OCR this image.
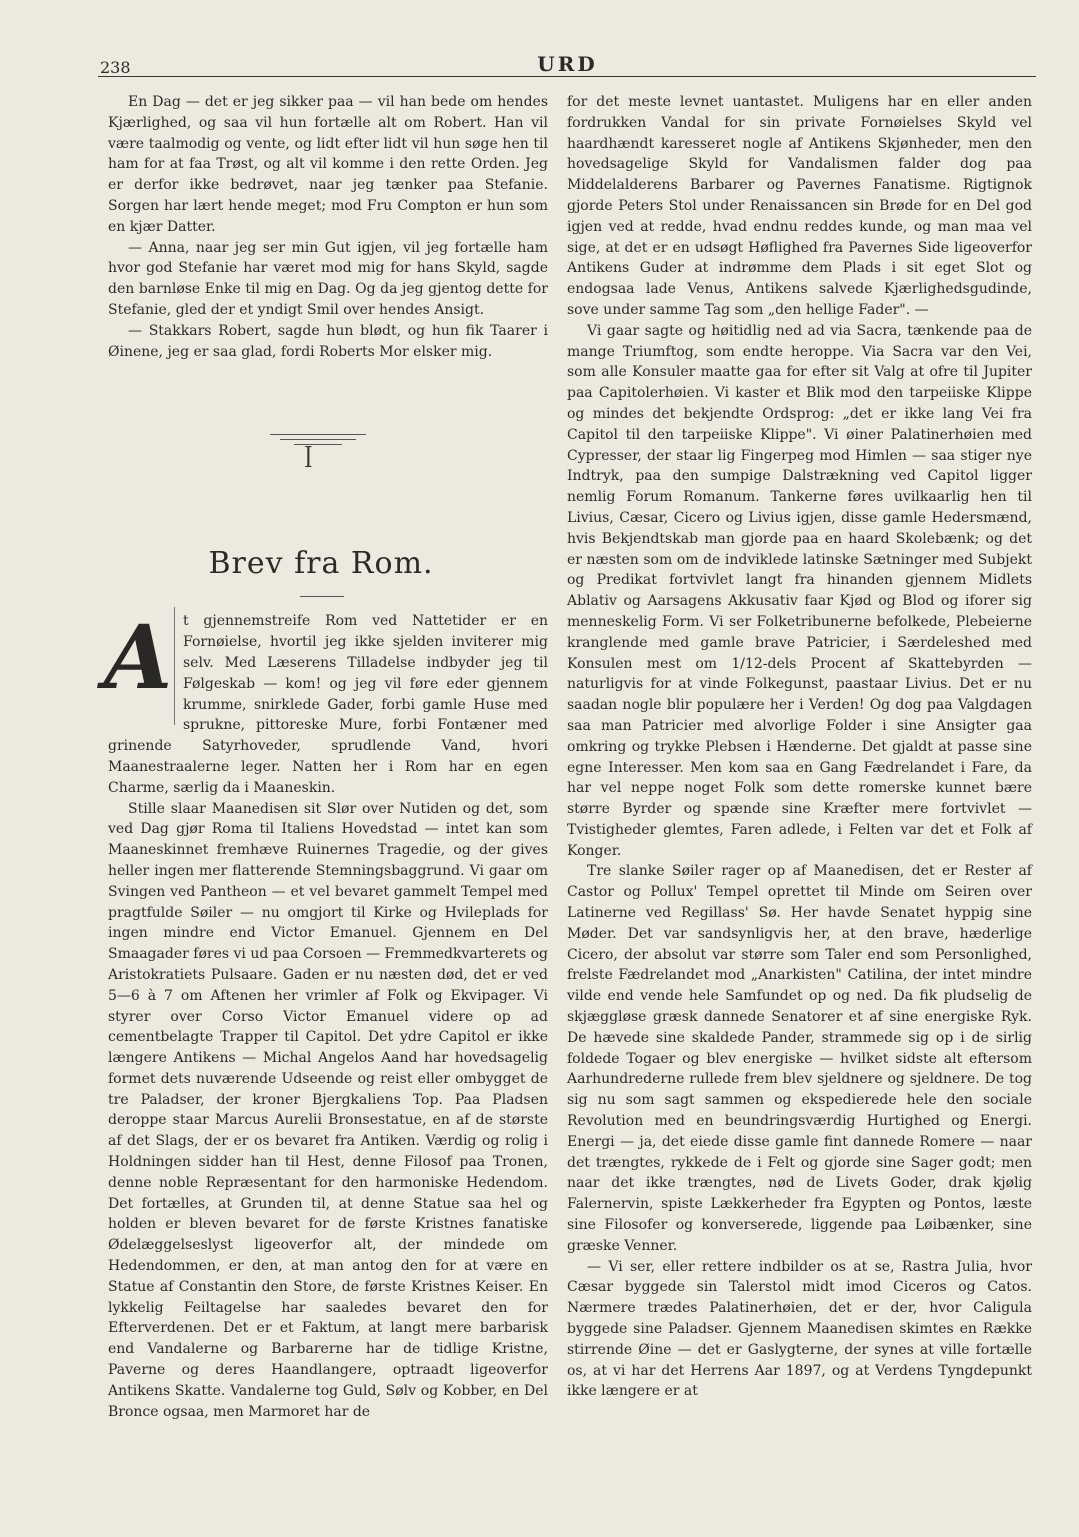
238	URD

En Dag — det er jeg sikker paa — vil han bede om hendes Kjærlighed, og saa vil hun fortælle alt om Robert. Han vil være taalmodig og vente, og lidt efter lidt vil hun søge hen til ham for at faa Trøst, og alt vil komme i den rette Orden. Jeg er derfor ikke bedrøvet, naar jeg tænker paa Stefanie. Sorgen har lært hende meget; mod Fru Compton er hun som en kjær Datter.

— Anna, naar jeg ser min Gut igjen, vil jeg fortælle ham hvor god Stefanie har været mod mig for hans Skyld, sagde den barnløse Enke til mig en Dag. Og da jeg gjentog dette for Stefanie, gled der et yndigt Smil over hendes Ansigt.

— Stakkars Robert, sagde hun blødt, og hun fik Taarer i Øinene, jeg er saa glad, fordi Roberts Mor elsker mig.

ꟾ
Brev fra Rom.
A t gjennemstreife Rom ved Nattetider er en Fornøielse, hvortil jeg ikke sjelden inviterer mig selv. Med Læserens Tilladelse indbyder jeg til Følgeskab — kom! og jeg vil føre eder gjennem krumme, snirklede Gader, forbi gamle Huse med sprukne, pittoreske Mure, forbi Fontæner med grinende Satyrhoveder, sprudlende Vand, hvori Maanestraalerne leger. Natten her i Rom har en egen Charme, særlig da i Maaneskin.

Stille slaar Maanedisen sit Slør over Nutiden og det, som ved Dag gjør Roma til Italiens Hovedstad — intet kan som Maaneskinnet fremhæve Ruinernes Tragedie, og der gives heller ingen mer flatterende Stemningsbaggrund. Vi gaar om Svingen ved Pantheon — et vel bevaret gammelt Tempel med pragtfulde Søiler — nu omgjort til Kirke og Hvileplads for ingen mindre end Victor Emanuel. Gjennem en Del Smaagader føres vi ud paa Corsoen — Fremmedkvarterets og Aristokratiets Pulsaare. Gaden er nu næsten død, det er ved 5—6 à 7 om Aftenen her vrimler af Folk og Ekvipager. Vi styrer over Corso Victor Emanuel videre op ad cementbelagte Trapper til Capitol. Det ydre Capitol er ikke længere Antikens — Michal Angelos Aand har hovedsagelig formet dets nuværende Udseende og reist eller ombygget de tre Paladser, der kroner Bjergkaliens Top. Paa Pladsen deroppe staar Marcus Aurelii Bronsestatue, en af de største af det Slags, der er os bevaret fra Antiken. Værdig og rolig i Holdningen sidder han til Hest, denne Filosof paa Tronen, denne noble Repræsentant for den harmoniske Hedendom. Det fortælles, at Grunden til, at denne Statue saa hel og holden er bleven bevaret for de første Kristnes fanatiske Ødelæggelseslyst ligeoverfor alt, der mindede om Hedendommen, er den, at man antog den for at være en Statue af Constantin den Store, de første Kristnes Keiser. En lykkelig Feiltagelse har saaledes bevaret den for Efterverdenen. Det er et Faktum, at langt mere barbarisk end Vandalerne og Barbarerne har de tidlige Kristne, Paverne og deres Haandlangere, optraadt ligeoverfor Antikens Skatte. Vandalerne tog Guld, Sølv og Kobber, en Del Bronce ogsaa, men Marmoret har de

for det meste levnet uantastet. Muligens har en eller anden fordrukken Vandal for sin private Fornøielses Skyld vel haardhændt karesseret nogle af Antikens Skjønheder, men den hovedsagelige Skyld for Vandalismen falder dog paa Middelalderens Barbarer og Pavernes Fanatisme. Rigtignok gjorde Peters Stol under Renaissancen sin Brøde for en Del god igjen ved at redde, hvad endnu reddes kunde, og man maa vel sige, at det er en udsøgt Høflighed fra Pavernes Side ligeoverfor Antikens Guder at indrømme dem Plads i sit eget Slot og endogsaa lade Venus, Antikens salvede Kjærlighedsgudinde, sove under samme Tag som „den hellige Fader". —

Vi gaar sagte og høitidlig ned ad via Sacra, tænkende paa de mange Triumftog, som endte heroppe. Via Sacra var den Vei, som alle Konsuler maatte gaa for efter sit Valg at ofre til Jupiter paa Capitolerhøien. Vi kaster et Blik mod den tarpeiiske Klippe og mindes det bekjendte Ordsprog: „det er ikke lang Vei fra Capitol til den tarpeiiske Klippe". Vi øiner Palatinerhøien med Cypresser, der staar lig Fingerpeg mod Himlen — saa stiger nye Indtryk, paa den sumpige Dalstrækning ved Capitol ligger nemlig Forum Romanum. Tankerne føres uvilkaarlig hen til Livius, Cæsar, Cicero og Livius igjen, disse gamle Hedersmænd, hvis Bekjendtskab man gjorde paa en haard Skolebænk; og det er næsten som om de indviklede latinske Sætninger med Subjekt og Predikat fortvivlet langt fra hinanden gjennem Midlets Ablativ og Aarsagens Akkusativ faar Kjød og Blod og iforer sig menneskelig Form. Vi ser Folketribunerne befolkede, Plebeierne kranglende med gamle brave Patricier, i Særdeleshed med Konsulen mest om 1/12-dels Procent af Skattebyrden — naturligvis for at vinde Folkegunst, paastaar Livius. Det er nu saadan nogle blir populære her i Verden! Og dog paa Valgdagen saa man Patricier med alvorlige Folder i sine Ansigter gaa omkring og trykke Plebsen i Hænderne. Det gjaldt at passe sine egne Interesser. Men kom saa en Gang Fædrelandet i Fare, da har vel neppe noget Folk som dette romerske kunnet bære større Byrder og spænde sine Kræfter mere fortvivlet — Tvistigheder glemtes, Faren adlede, i Felten var det et Folk af Konger.

Tre slanke Søiler rager op af Maanedisen, det er Rester af Castor og Pollux' Tempel oprettet til Minde om Seiren over Latinerne ved Regillass' Sø. Her havde Senatet hyppig sine Møder. Det var sandsynligvis her, at den brave, hæderlige Cicero, der absolut var større som Taler end som Personlighed, frelste Fædrelandet mod „Anarkisten" Catilina, der intet mindre vilde end vende hele Samfundet op og ned. Da fik pludselig de skjæggløse græsk dannede Senatorer et af sine energiske Ryk. De hævede sine skaldede Pander, strammede sig op i de sirlig foldede Togaer og blev energiske — hvilket sidste alt eftersom Aarhundrederne rullede frem blev sjeldnere og sjeldnere. De tog sig nu som sagt sammen og ekspedierede hele den sociale Revolution med en beundringsværdig Hurtighed og Energi. Energi — ja, det eiede disse gamle fint dannede Romere — naar det trængtes, rykkede de i Felt og gjorde sine Sager godt; men naar det ikke trængtes, nød de Livets Goder, drak kjølig Falernervin, spiste Lækkerheder fra Egypten og Pontos, læste sine Filosofer og konverserede, liggende paa Løibænker, sine græske Venner.

— Vi ser, eller rettere indbilder os at se, Rastra Julia, hvor Cæsar byggede sin Talerstol midt imod Ciceros og Catos. Nærmere trædes Palatinerhøien, det er der, hvor Caligula byggede sine Paladser. Gjennem Maanedisen skimtes en Række stirrende Øine — det er Gaslygterne, der synes at ville fortælle os, at vi har det Herrens Aar 1897, og at Verdens Tyngdepunkt ikke længere er at
